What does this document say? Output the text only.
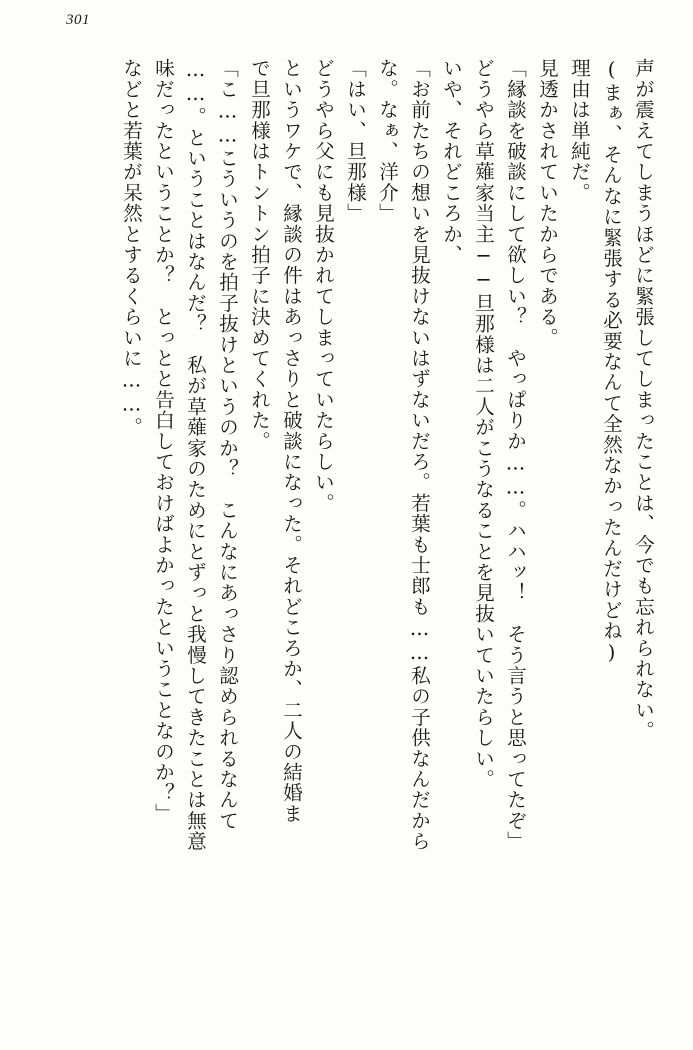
301
声が震えてしまうほどに緊張してしまったことは、今でも忘れられない。
(まぁ、そんなに緊張する必要なんて全然なかったんだけどね)
理由は単純だ。
見透かされていたからである。
「縁談を破談にして欲しい？　やっぱりか……。ハハッ！　そう言うと思ってたぞ」
どうやら草薙家当主──旦那様は二人がこうなることを見抜いていたらしい。
いや、それどころか、
「お前たちの想いを見抜けないはずないだろ。若葉も士郎も……私の子供なんだから
な。なぁ、洋介」
「はい、旦那様」
どうやら父にも見抜かれてしまっていたらしい。
というワケで、縁談の件はあっさりと破談になった。それどころか、二人の結婚ま
で旦那様はトントン拍子に決めてくれた。
「こ……こういうのを拍子抜けというのか？　こんなにあっさり認められるなんて
……。ということはなんだ？　私が草薙家のためにとずっと我慢してきたことは無意
味だったということか？　とっとと告白しておけばよかったということなのか？」
などと若葉が呆然とするくらいに……。
